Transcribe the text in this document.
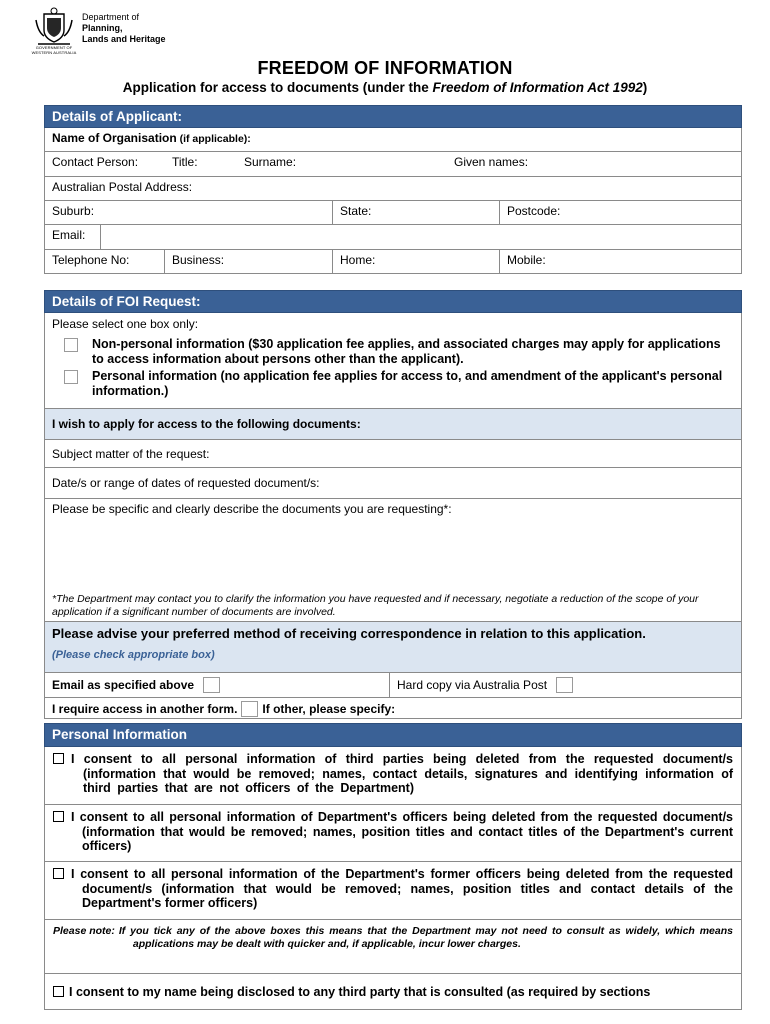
GOVERNMENT OF
WESTERN AUSTRALIA
Department of Planning,
Lands and Heritage
FREEDOM OF INFORMATION
Application for access to documents (under the Freedom of Information Act 1992)
Details of Applicant:
Name of Organisation (if applicable):
Contact Person:	Title:	Surname:	Given names:
Australian Postal Address:
Suburb:	State:	Postcode:
Email:
Telephone No:	Business:	Home:	Mobile:
Details of FOI Request:
Please select one box only:
Non-personal information ($30 application fee applies, and associated charges may apply for applications to access information about persons other than the applicant).
Personal information (no application fee applies for access to, and amendment of the applicant's personal information.)
I wish to apply for access to the following documents:
Subject matter of the request:
Date/s or range of dates of requested document/s:
Please be specific and clearly describe the documents you are requesting*:
*The Department may contact you to clarify the information you have requested and if necessary, negotiate a reduction of the scope of your application if a significant number of documents are involved.
Please advise your preferred method of receiving correspondence in relation to this application.
(Please check appropriate box)
Email as specified above	Hard copy via Australia Post
I require access in another form. If other, please specify:
Personal Information
I consent to all personal information of third parties being deleted from the requested document/s (information that would be removed; names, contact details, signatures and identifying information of third parties that are not officers of the Department)
I consent to all personal information of Department's officers being deleted from the requested document/s (information that would be removed; names, position titles and contact titles of the Department's current officers)
I consent to all personal information of the Department's former officers being deleted from the requested document/s (information that would be removed; names, position titles and contact details of the Department's former officers)
Please note: If you tick any of the above boxes this means that the Department may not need to consult as widely, which means applications may be dealt with quicker and, if applicable, incur lower charges.
I consent to my name being disclosed to any third party that is consulted (as required by sections
